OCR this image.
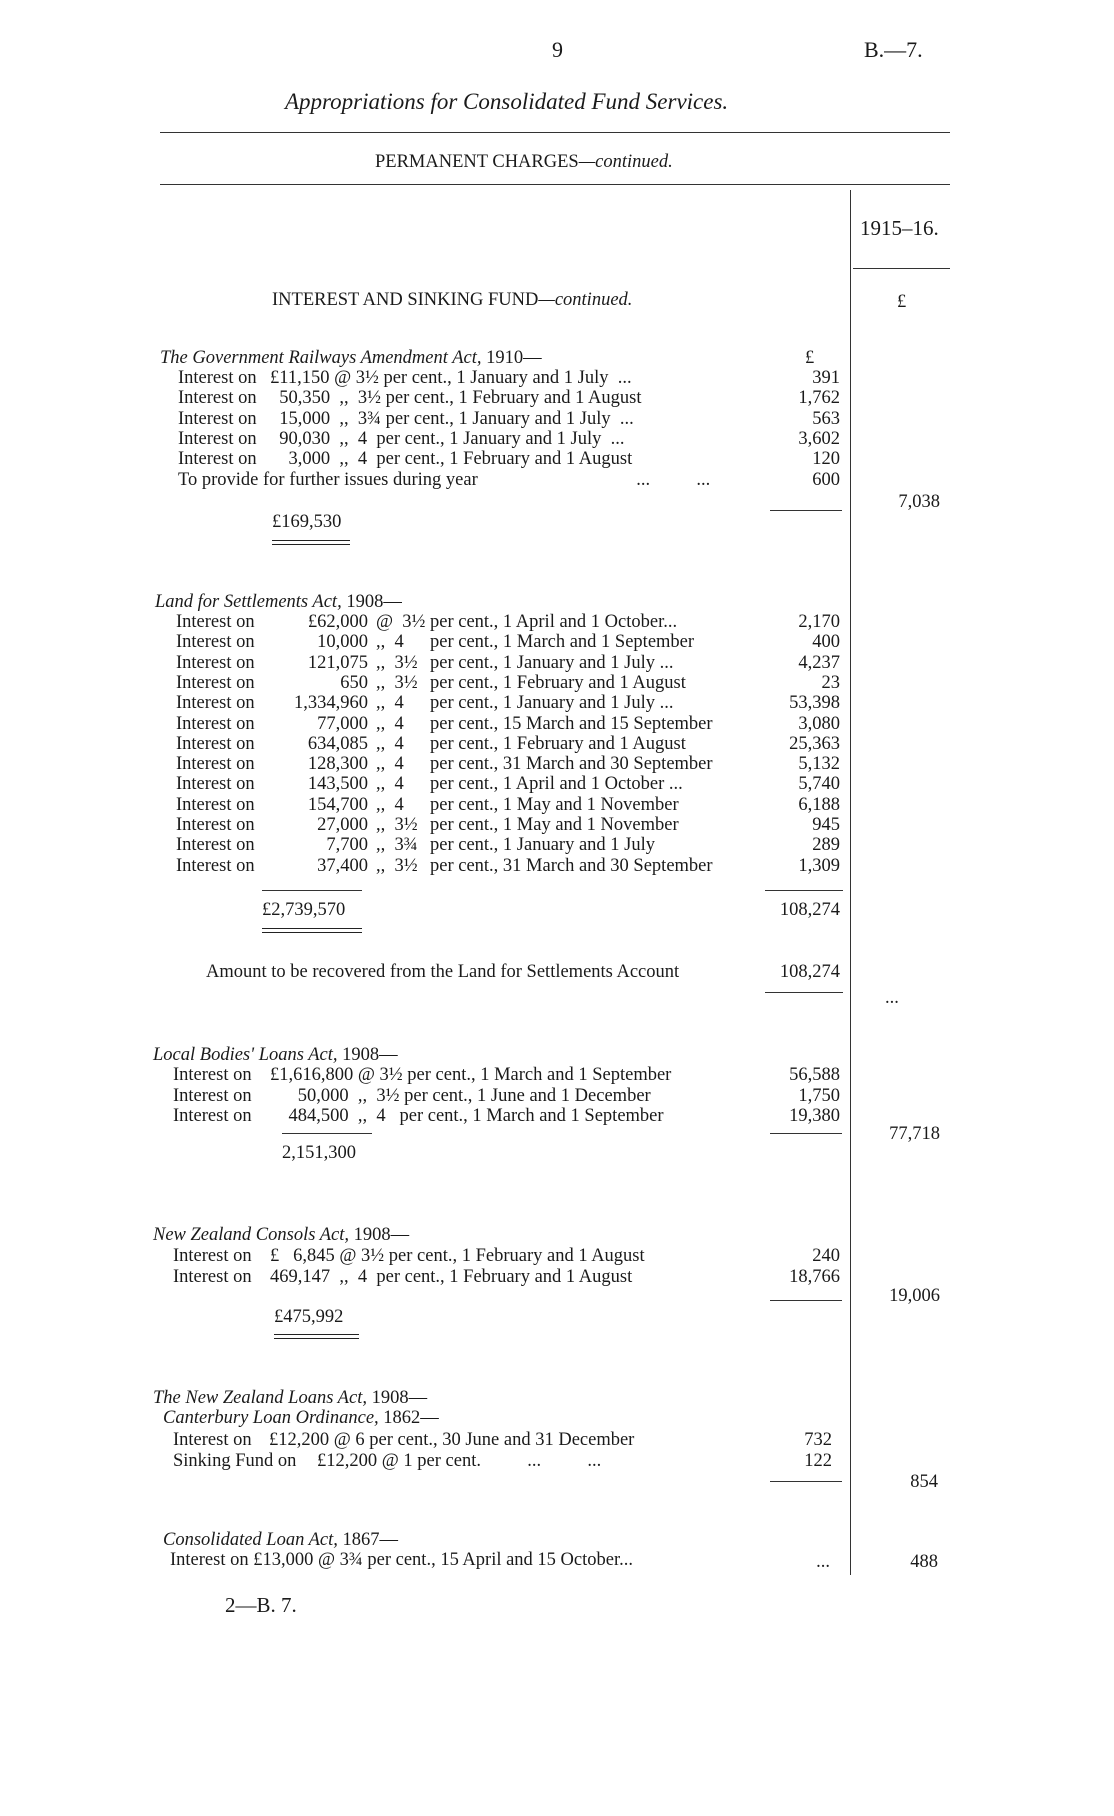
9	B.—7.
Appropriations for Consolidated Fund Services.
PERMANENT CHARGES—continued.
1915–16.
£
INTEREST AND SINKING FUND—continued.
The Government Railways Amendment Act, 1910—	£
Interest on £11,150 @ 3½ per cent., 1 January and 1 July  ...	391
Interest on 50,350  ,,  3½ per cent., 1 February and 1 August	1,762
Interest on 15,000  ,,  3¾ per cent., 1 January and 1 July  ...	563
Interest on 90,030  ,,  4  per cent., 1 January and 1 July  ...	3,602
Interest on 3,000  ,,  4  per cent., 1 February and 1 August	120
To provide for further issues during year	...          ...	600
£169,530
7,038
Land for Settlements Act, 1908—
Interest on	£62,000 @  3½ per cent., 1 April and 1 October...	2,170
Interest on	10,000 ,,  4 per cent., 1 March and 1 September	400
Interest on	121,075 ,,  3½ per cent., 1 January and 1 July ...	4,237
Interest on	650 ,,  3½ per cent., 1 February and 1 August	23
Interest on	1,334,960 ,,  4 per cent., 1 January and 1 July ...	53,398
Interest on	77,000 ,,  4 per cent., 15 March and 15 September	3,080
Interest on	634,085 ,,  4 per cent., 1 February and 1 August	25,363
Interest on	128,300 ,,  4 per cent., 31 March and 30 September	5,132
Interest on	143,500 ,,  4 per cent., 1 April and 1 October ...	5,740
Interest on	154,700 ,,  4 per cent., 1 May and 1 November	6,188
Interest on	27,000 ,,  3½ per cent., 1 May and 1 November	945
Interest on	7,700 ,,  3¾ per cent., 1 January and 1 July	289
Interest on	37,400 ,,  3½ per cent., 31 March and 30 September	1,309
£2,739,570	108,274
Amount to be recovered from the Land for Settlements Account	108,274
...
Local Bodies' Loans Act, 1908—
Interest on £1,616,800 @ 3½ per cent., 1 March and 1 September	56,588
Interest on 50,000  ,,  3½ per cent., 1 June and 1 December	1,750
Interest on 484,500  ,,  4   per cent., 1 March and 1 September	19,380
2,151,300
77,718
New Zealand Consols Act, 1908—
Interest on £   6,845 @ 3½ per cent., 1 February and 1 August	240
Interest on 469,147  ,,  4  per cent., 1 February and 1 August	18,766
£475,992
19,006
The New Zealand Loans Act, 1908—
Canterbury Loan Ordinance, 1862—
Interest on £12,200 @ 6 per cent., 30 June and 31 December	732
Sinking Fund on £12,200 @ 1 per cent.          ...          ...	122
854
Consolidated Loan Act, 1867—
Interest on £13,000 @ 3¾ per cent., 15 April and 15 October...	...	488
2—B. 7.
